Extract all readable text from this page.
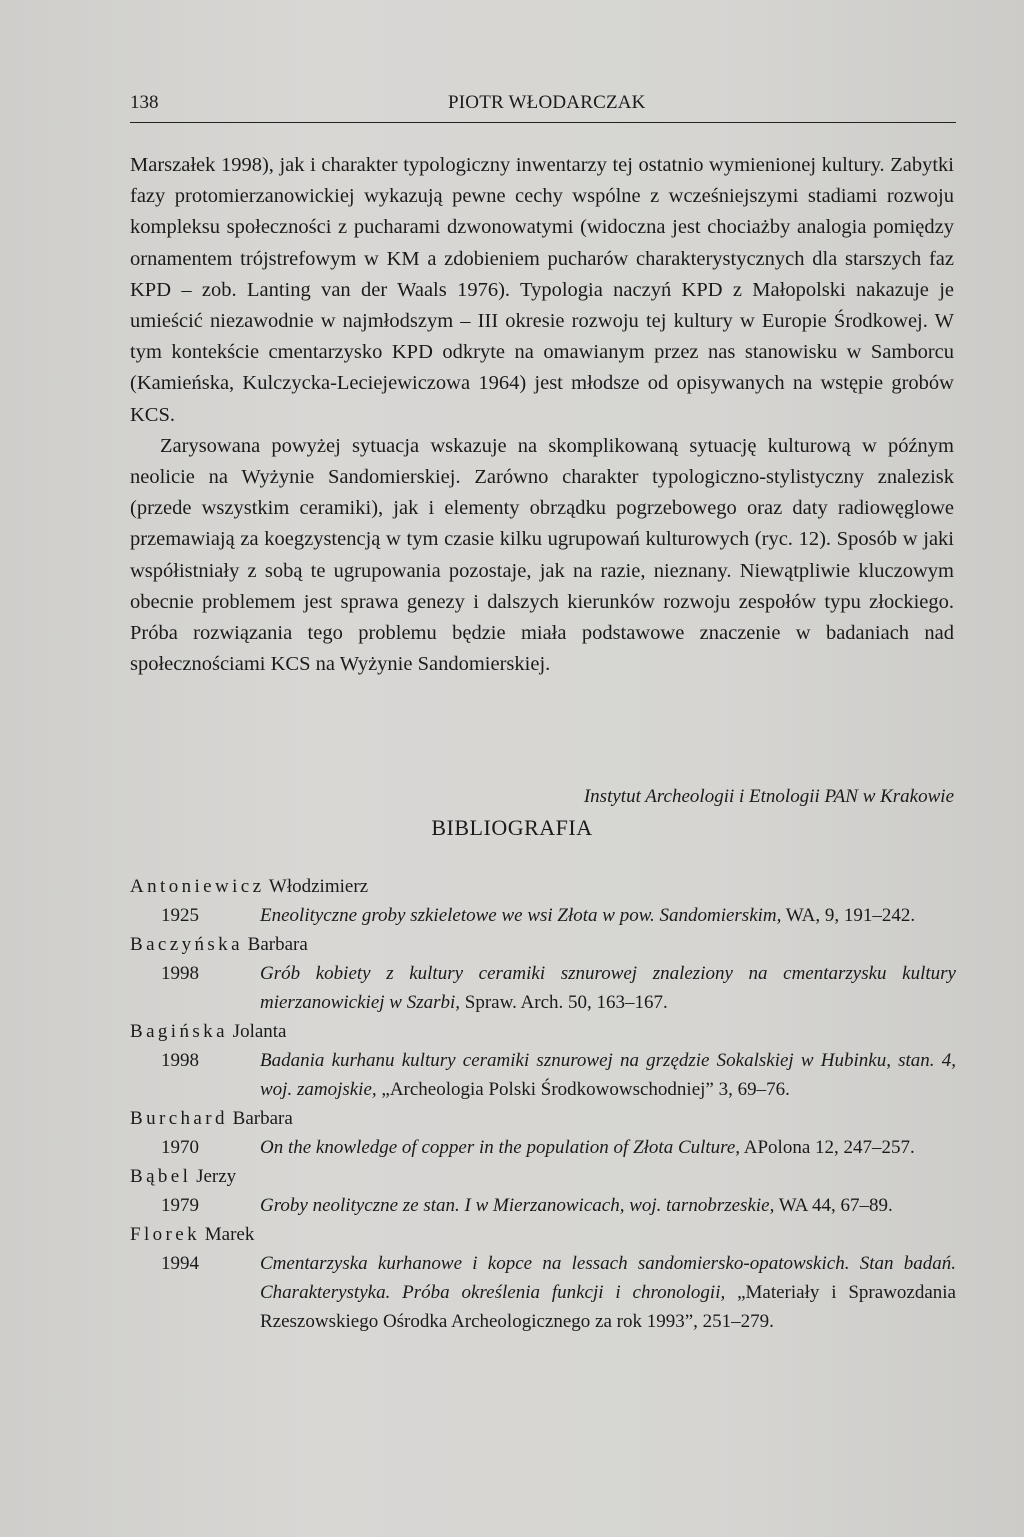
138	PIOTR WŁODARCZAK

Marszałek 1998), jak i charakter typologiczny inwentarzy tej ostatnio wymienionej kultury. Zabytki fazy protomierzanowickiej wykazują pewne cechy wspólne z wcześniejszymi stadiami rozwoju kompleksu społeczności z pucharami dzwonowatymi (widoczna jest chociażby analogia pomiędzy ornamentem trójstrefowym w KM a zdobieniem pucharów charakterystycznych dla starszych faz KPD – zob. Lanting van der Waals 1976). Typologia naczyń KPD z Małopolski nakazuje je umieścić niezawodnie w najmłodszym – III okresie rozwoju tej kultury w Europie Środkowej. W tym kontekście cmentarzysko KPD odkryte na omawianym przez nas stanowisku w Samborcu (Kamieńska, Kulczycka-Leciejewiczowa 1964) jest młodsze od opisywanych na wstępie grobów KCS.

Zarysowana powyżej sytuacja wskazuje na skomplikowaną sytuację kulturową w późnym neolicie na Wyżynie Sandomierskiej. Zarówno charakter typologiczno-stylistyczny znalezisk (przede wszystkim ceramiki), jak i elementy obrządku pogrzebowego oraz daty radiowęglowe przemawiają za koegzystencją w tym czasie kilku ugrupowań kulturowych (ryc. 12). Sposób w jaki współistniały z sobą te ugrupowania pozostaje, jak na razie, nieznany. Niewątpliwie kluczowym obecnie problemem jest sprawa genezy i dalszych kierunków rozwoju zespołów typu złockiego. Próba rozwiązania tego problemu będzie miała podstawowe znaczenie w badaniach nad społecznościami KCS na Wyżynie Sandomierskiej.

Instytut Archeologii i Etnologii PAN w Krakowie
BIBLIOGRAFIA
Antoniewicz Włodzimierz
1925	Eneolityczne groby szkieletowe we wsi Złota w pow. Sandomierskim, WA, 9, 191–242.
Baczyńska Barbara
1998	Grób kobiety z kultury ceramiki sznurowej znaleziony na cmentarzysku kultury mierzanowickiej w Szarbi, Spraw. Arch. 50, 163–167.
Bagińska Jolanta
1998	Badania kurhanu kultury ceramiki sznurowej na grzędzie Sokalskiej w Hubinku, stan. 4, woj. zamojskie, „Archeologia Polski Środkowowschodniej” 3, 69–76.
Burchard Barbara
1970	On the knowledge of copper in the population of Złota Culture, APolona 12, 247–257.
Bąbel Jerzy
1979	Groby neolityczne ze stan. I w Mierzanowicach, woj. tarnobrzeskie, WA 44, 67–89.
Florek Marek
1994	Cmentarzyska kurhanowe i kopce na lessach sandomiersko-opatowskich. Stan badań. Charakterystyka. Próba określenia funkcji i chronologii, „Materiały i Sprawozdania Rzeszowskiego Ośrodka Archeologicznego za rok 1993”, 251–279.
